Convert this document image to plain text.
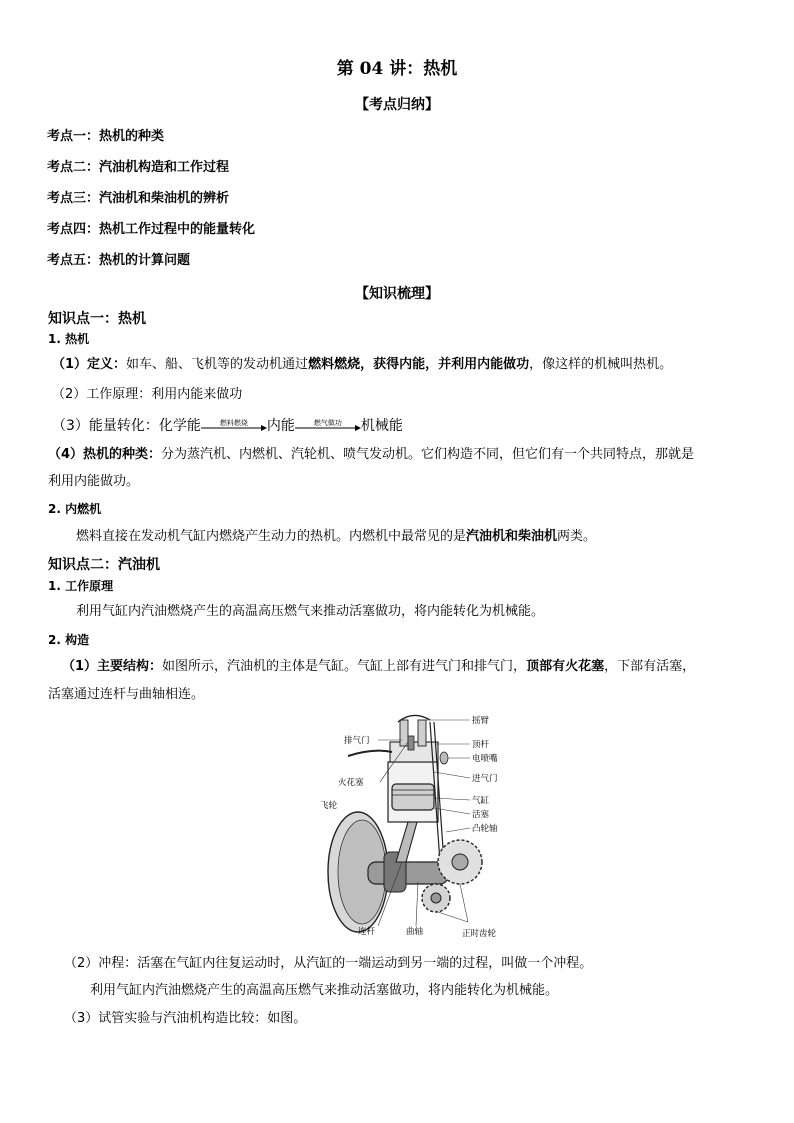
第 04 讲：热机
【考点归纳】
考点一：热机的种类
考点二：汽油机构造和工作过程
考点三：汽油机和柴油机的辨析
考点四：热机工作过程中的能量转化
考点五：热机的计算问题
【知识梳理】
知识点一：热机
1. 热机
（1）定义：如车、船、飞机等的发动机通过燃料燃烧，获得内能，并利用内能做功，像这样的机械叫热机。
（2）工作原理：利用内能来做功
（3）能量转化：化学能	燃料燃烧	内能	燃气做功	机械能
（4）热机的种类：分为蒸汽机、内燃机、汽轮机、喷气发动机。它们构造不同，但它们有一个共同特点，那就是
利用内能做功。
2. 内燃机
燃料直接在发动机气缸内燃烧产生动力的热机。内燃机中最常见的是汽油机和柴油机两类。
知识点二：汽油机
1. 工作原理
利用气缸内汽油燃烧产生的高温高压燃气来推动活塞做功，将内能转化为机械能。
2. 构造
（1）主要结构：如图所示，汽油机的主体是气缸。气缸上部有进气门和排气门，顶部有火花塞，下部有活塞，
活塞通过连杆与曲轴相连。
摇臂
排气门	顶杆
电喷嘴
火花塞	进气门
飞轮	气缸
活塞
凸轮轴
连杆	曲轴	正时齿轮
（2）冲程：活塞在气缸内往复运动时，从汽缸的一端运动到另一端的过程，叫做一个冲程。
利用气缸内汽油燃烧产生的高温高压燃气来推动活塞做功，将内能转化为机械能。
（3）试管实验与汽油机构造比较：如图。
